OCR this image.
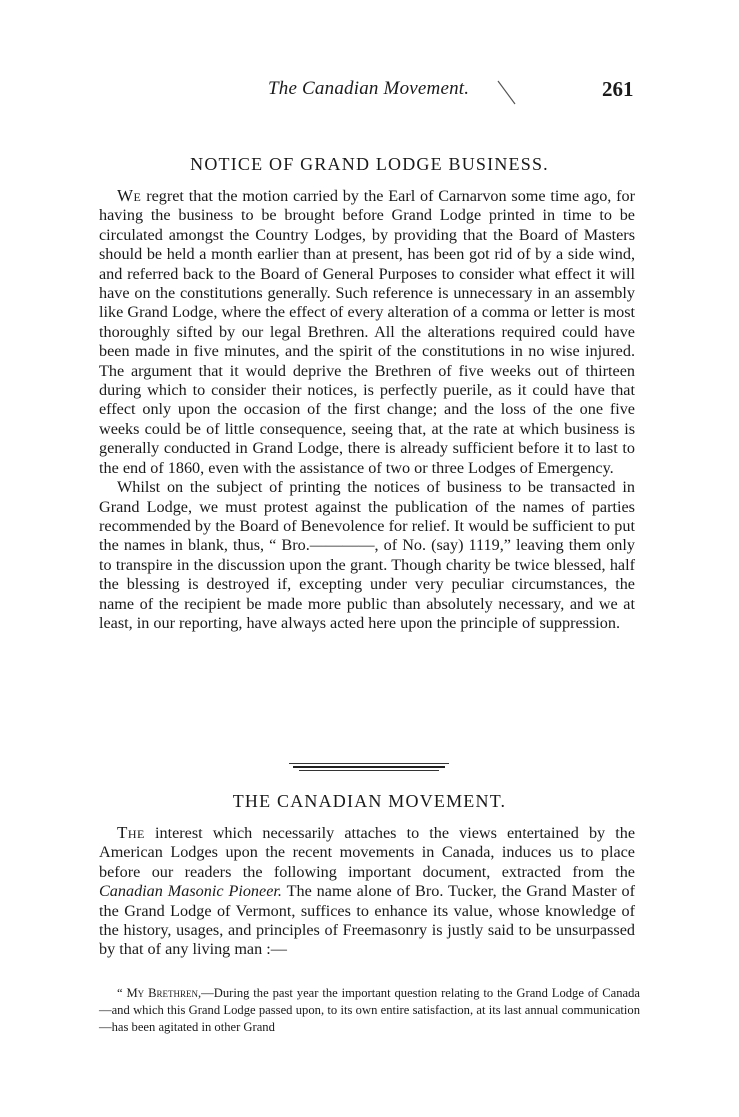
The Canadian Movement.	261
NOTICE OF GRAND LODGE BUSINESS.

We regret that the motion carried by the Earl of Carnarvon some time ago, for having the business to be brought before Grand Lodge printed in time to be circulated amongst the Country Lodges, by providing that the Board of Masters should be held a month earlier than at present, has been got rid of by a side wind, and referred back to the Board of General Purposes to consider what effect it will have on the constitutions generally. Such reference is unnecessary in an assembly like Grand Lodge, where the effect of every alteration of a comma or letter is most thoroughly sifted by our legal Brethren. All the alterations required could have been made in five minutes, and the spirit of the constitutions in no wise injured. The argument that it would deprive the Brethren of five weeks out of thirteen during which to consider their notices, is perfectly puerile, as it could have that effect only upon the occasion of the first change; and the loss of the one five weeks could be of little consequence, seeing that, at the rate at which business is generally conducted in Grand Lodge, there is already sufficient before it to last to the end of 1860, even with the assistance of two or three Lodges of Emergency.

Whilst on the subject of printing the notices of business to be transacted in Grand Lodge, we must protest against the publication of the names of parties recommended by the Board of Benevolence for relief. It would be sufficient to put the names in blank, thus, “ Bro.————, of No. (say) 1119,” leaving them only to transpire in the discussion upon the grant. Though charity be twice blessed, half the blessing is destroyed if, excepting under very peculiar circumstances, the name of the recipient be made more public than absolutely necessary, and we at least, in our reporting, have always acted here upon the principle of suppression.

THE CANADIAN MOVEMENT.

The interest which necessarily attaches to the views entertained by the American Lodges upon the recent movements in Canada, induces us to place before our readers the following important document, extracted from the Canadian Masonic Pioneer. The name alone of Bro. Tucker, the Grand Master of the Grand Lodge of Vermont, suffices to enhance its value, whose knowledge of the history, usages, and principles of Freemasonry is justly said to be unsurpassed by that of any living man :—

“ My Brethren,—During the past year the important question relating to the Grand Lodge of Canada—and which this Grand Lodge passed upon, to its own entire satisfaction, at its last annual communication—has been agitated in other Grand
